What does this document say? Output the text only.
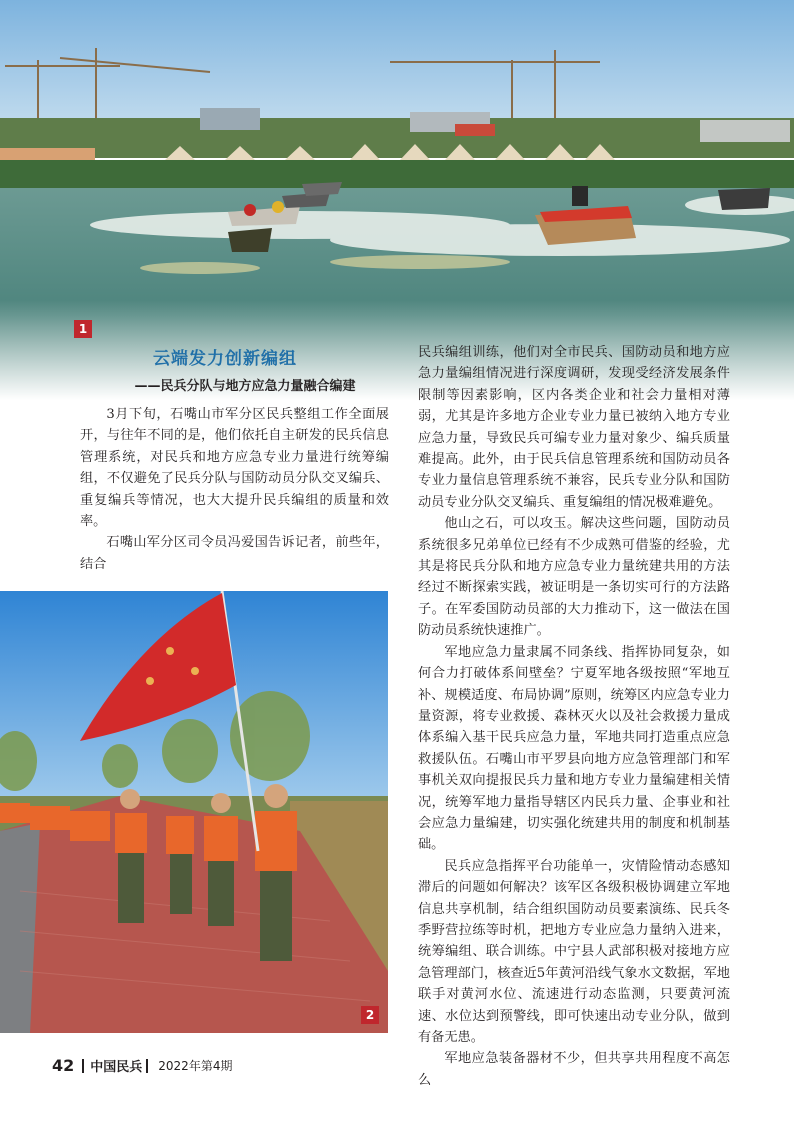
1
云端发力创新编组
——民兵分队与地方应急力量融合编建

3月下旬，石嘴山市军分区民兵整组工作全面展开，与往年不同的是，他们依托自主研发的民兵信息管理系统，对民兵和地方应急专业力量进行统筹编组，不仅避免了民兵分队与国防动员分队交叉编兵、重复编兵等情况，也大大提升民兵编组的质量和效率。

石嘴山军分区司令员冯爱国告诉记者，前些年，结合

民兵编组训练，他们对全市民兵、国防动员和地方应急力量编组情况进行深度调研，发现受经济发展条件限制等因素影响，区内各类企业和社会力量相对薄弱，尤其是许多地方企业专业力量已被纳入地方专业应急力量，导致民兵可编专业力量对象少、编兵质量难提高。此外，由于民兵信息管理系统和国防动员各专业力量信息管理系统不兼容，民兵专业分队和国防动员专业分队交叉编兵、重复编组的情况极难避免。

他山之石，可以攻玉。解决这些问题，国防动员系统很多兄弟单位已经有不少成熟可借鉴的经验，尤其是将民兵分队和地方应急专业力量统建共用的方法经过不断探索实践，被证明是一条切实可行的方法路子。在军委国防动员部的大力推动下，这一做法在国防动员系统快速推广。

军地应急力量隶属不同条线、指挥协同复杂，如何合力打破体系间壁垒？宁夏军地各级按照“军地互补、规模适度、布局协调”原则，统筹区内应急专业力量资源，将专业救援、森林灭火以及社会救援力量成体系编入基干民兵应急力量，军地共同打造重点应急救援队伍。石嘴山市平罗县向地方应急管理部门和军事机关双向提报民兵力量和地方专业力量编建相关情况，统筹军地力量指导辖区内民兵力量、企事业和社会应急力量编建，切实强化统建共用的制度和机制基础。

民兵应急指挥平台功能单一，灾情险情动态感知滞后的问题如何解决？该军区各级积极协调建立军地信息共享机制，结合组织国防动员要素演练、民兵冬季野营拉练等时机，把地方专业应急力量纳入进来，统筹编组、联合训练。中宁县人武部积极对接地方应急管理部门，核查近5年黄河沿线气象水文数据，军地联手对黄河水位、流速进行动态监测，只要黄河流速、水位达到预警线，即可快速出动专业分队，做到有备无患。

军地应急装备器材不少，但共享共用程度不高怎么

2
42 中国民兵 2022年第4期
